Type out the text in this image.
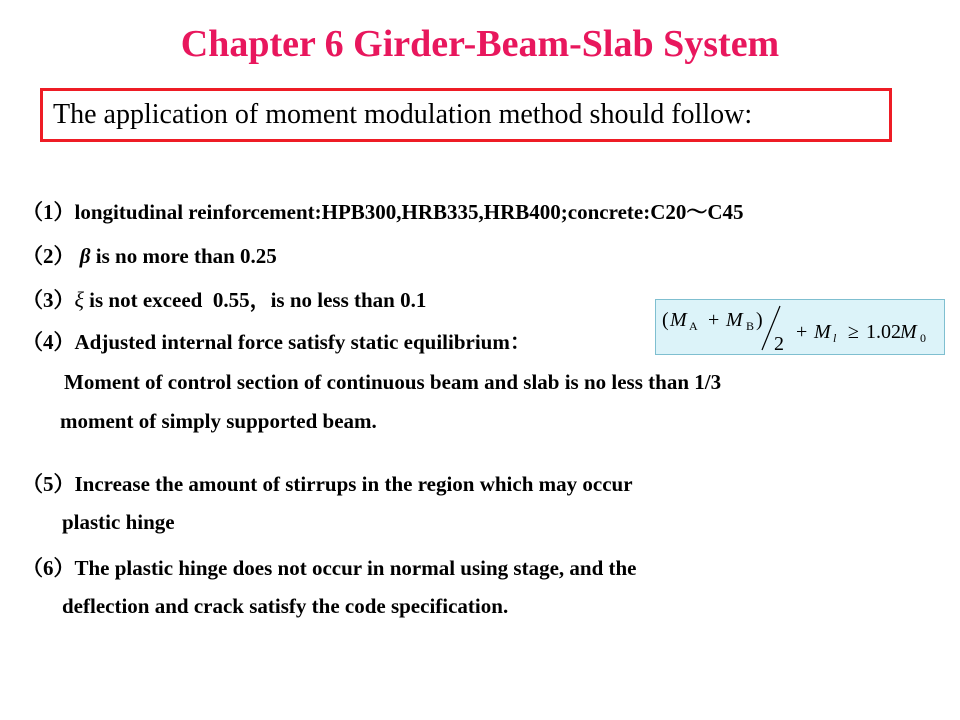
Chapter 6 Girder-Beam-Slab System
The application of moment modulation method should follow:
（1）longitudinal reinforcement:HPB300,HRB335,HRB400;concrete:C20～C45
（2） β is no more than 0.25
（3）ξ is not exceed  0.55，is no less than 0.1
（4）Adjusted internal force satisfy static equilibrium：
Moment of control section of continuous beam and slab is no less than 1/3
moment of simply supported beam.
( M A + M B )
2
+ M l ≥ 1.02 M 0
（5）Increase the amount of stirrups in the region which may occur
plastic hinge
（6）The plastic hinge does not occur in normal using stage, and the
deflection and crack satisfy the code specification.
